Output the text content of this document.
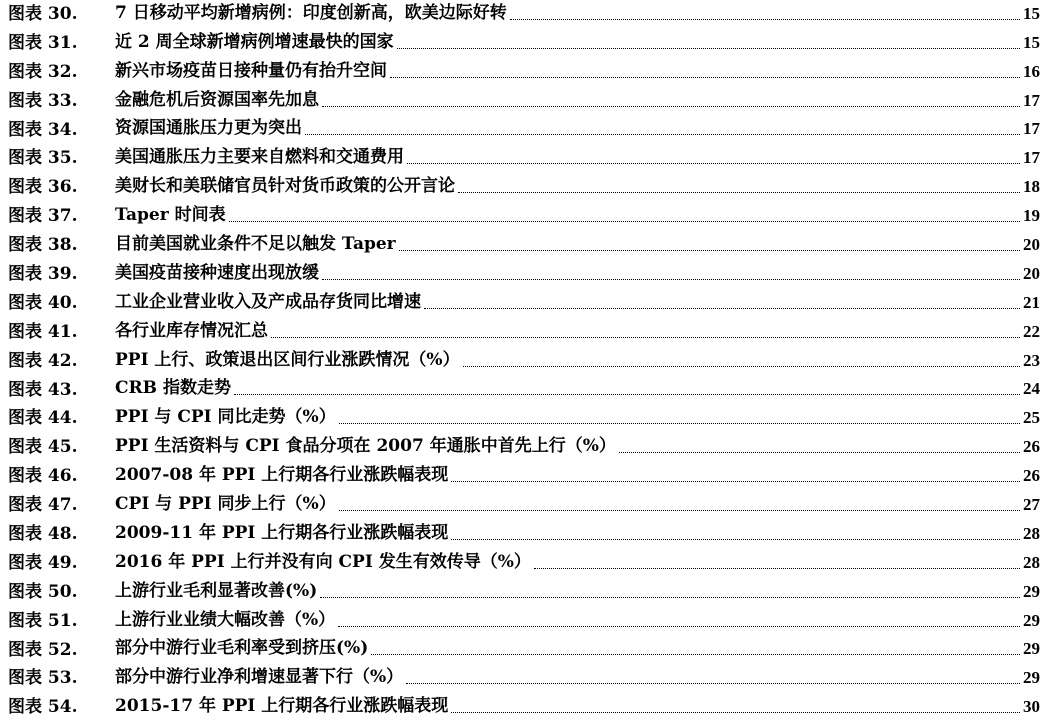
图表 30. 7 日移动平均新增病例：印度创新高，欧美边际好转	15
图表 31. 近 2 周全球新增病例增速最快的国家	15
图表 32. 新兴市场疫苗日接种量仍有抬升空间	16
图表 33. 金融危机后资源国率先加息	17
图表 34. 资源国通胀压力更为突出	17
图表 35. 美国通胀压力主要来自燃料和交通费用	17
图表 36. 美财长和美联储官员针对货币政策的公开言论	18
图表 37. Taper 时间表	19
图表 38. 目前美国就业条件不足以触发 Taper	20
图表 39. 美国疫苗接种速度出现放缓	20
图表 40. 工业企业营业收入及产成品存货同比增速	21
图表 41. 各行业库存情况汇总	22
图表 42. PPI 上行、政策退出区间行业涨跌情况（%）	23
图表 43. CRB 指数走势	24
图表 44. PPI 与 CPI 同比走势（%）	25
图表 45. PPI 生活资料与 CPI 食品分项在 2007 年通胀中首先上行（%）	26
图表 46. 2007-08 年 PPI 上行期各行业涨跌幅表现	26
图表 47. CPI 与 PPI 同步上行（%）	27
图表 48. 2009-11 年 PPI 上行期各行业涨跌幅表现	28
图表 49. 2016 年 PPI 上行并没有向 CPI 发生有效传导（%）	28
图表 50. 上游行业毛利显著改善(%)	29
图表 51. 上游行业业绩大幅改善（%）	29
图表 52. 部分中游行业毛利率受到挤压(%)	29
图表 53. 部分中游行业净利增速显著下行（%）	29
图表 54. 2015-17 年 PPI 上行期各行业涨跌幅表现	30
